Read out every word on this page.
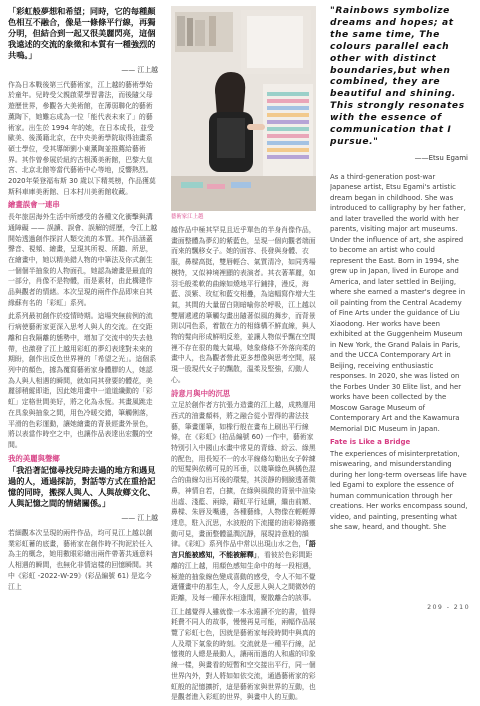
「彩虹般夢想和希望；同時，它的每種顏色相互不融合，像是一條條平行線，再獨分明，但結合到一起又很美麗閃亮，這個我遠述的交流的象徵和本質有一種強烈的共鳴。」

—— 江上越

作為日本戰後第三代藝術家，江上越的藝術學始於童年。兒時受父親啟蒙學習書法，而後隨父母遊歷世界，參觀各大美術館，在薄弱聯化的藝術薰陶下，她難忘成為一位「能代表未來了」的藝術家。出生於 1994 年的她，在日本成長，並受歐美、後漢籍北京，在中央美術學院取得油畫系碩士學位，受其導師劉小東薰陶並推薦給藝術界。其作曾參展於紐約古根漢美術館，巴黎大皇宮、北京北館等當代藝術中心等地，反響熱烈。2020年榮登福布斯 30 歲以下精英榜，作品獲莫斯科車庫美術館、日本村川美術館收藏。

繪畫誤會一連串

長年旅居海外生活中所感受的各種文化衝擊與溝通障礙 —— 誤讀、誤會、誤解的經歷，令江上越開始透過創作探討人類交流的本質。其作品涵蓋聲音、視頻、繪畫，呈現其所視、所聽、所思，在繪畫中，她以精美錯人物的中筆法及你式創生一個個半抽象的人物面孔，她認為繪畫是最直的一部分，肖像不是物體，而是素材，由此構建作品與觀者的情緒。本次呈現的兩件作品即來自其緣蘇有名的「彩虹」系列。

此系列最初創作於疫情時期。這場突無前例的流行病使藝術家更深入思考人與人的交流。在交距離和自我隔離的態勢中，增加了交流中的失去他帶，也激發了江上越用彩虹的夢幻表達對未來的期盼，創作出反色世界裡的「希望之光」。這個系列中的顏色，據為覆寫藝術家身體膠的人，她認為人與人相遇的瞬間，就如同其發要的體花，美麗卻稍縱即逝，因此她用畫中一道道纖動的「彩虹」定格世間美好，將之化為永恆。其畫風跳走在具象與抽象之間，用色冷暖交錯，筆觸俐落，平滑的色彩運動，讓她繪畫的背景經畫外景色，將以表當作時空之中，也讓作品表達出宏觀的空間。

我的美麗與聲鄉

「我沿著記憶尋找兒時去過的地方和遇見過的人，通過採訪，對話等方式在重拾記憶的同時，搬探人與人、人與故鄉文化、人與記憶之間的情緒關係。」

—— 江上越

若細觀本次呈現的兩件作品，均可見江上越以創業彩虹蓄的底畫，藝術家在創作時不拘泥於任入為主的概念，她用數眼彩繪出兩件帶著共通意料人相遇的瞬間，也無化非情這樣的回憶瞬間。其中《彩虹 -2022-W-29》(彩品編號 61) 是迄今江上

藝術家江上越

越作品中極其罕見且近乎單色的半身肖像作品，畫面整體為夢幻的紫藍色，呈現一個向觀者端面而來的飄移女子。她的面容、長發與身體、衣服，鼻樑高挺，雙唇輕合、氣質清冷，如同秀場模特，又似神境裡顯的表演者。其衣著華麗，如羽毛般柔軟的曲線如燒地平行鋪排，漫反，海藍、淡紫、玫紅和藍交相疊，為這幅寫作增大生氣，其間的大量留白則暗喻你於呼吸，江上越以雙層遞遞的筆觸勾畫出隨著似風的舞步，而背景則以同色系，着散在力的相綠構不鮮直線，與人物的髮向形成鮮明反差，並讓人物似乎飄在空間裡不存在很的幾大氣場，她象條條不外落向柔的畫中人，也為觀者營此更多想像與思考空間，展現一股現代女子的飄散，溫柔及堅強，幻動人心。

詩意月與中的沉思

立足於創作者方抗張力造畫的江上越，成熟運用西式的油畫顏料，將之融合從小習得的書法技藝，筆畫運筆，如橡行般在畫布上刷出平行線條，在《彩虹》(拍品編號 60) 一作中，藝術家特別引入中國山水畫中常見的青綠、紛云、綠黑的配色，用長短不一的水平線條勾勒出女子幹練的短髮與依稀可見的耳垂，以幾筆綠色與橘色混合的曲線勾出耳後的環髮，其淡靜的側臉透著微鼻，神情自若，白擴，在綠與風微的背景中渲染出虛、淺藍、兩綠，藉虹平行延續，繼由前額、鼻樑、朱唇及嘴邊，各種藝緣，人物像在輕輕傳達息，駐入沉思，水波般的下流擺的油彩條路靈動可見，畫面整體溫潤沉靜，展現詩意般的韻律。《彩虹》系列作品中常以出現山水之色，「語言只能被感知，不能被解釋」，看彼於色彩間距離的江上越，用顏色感知生命中的每一段相遇，極遊的抽象線色變成喜動的感受，令人不知不覺適懂畫中的那生人，令人反思人與人之間微妙的距離，及每一種萍水相逢間，聚散離合的該事。

江上越覺得人雖就像一本永遠讀不完的書，值得耗費不同人的故事，慢慢再見可能，兩幅作品展覽了彩虹七色，因就是藝術家每段時間中與真的人及環下氣象的時刻。交流就是一種平行線，記憶複的人總是最動人，讓兩而過的人和處的印象線一樣，與畫看的短暫和空交接出平行，同一個世界內外，對人將如如依交流，通過藝術家的彩虹般的記憶擴折，這是藝術家與世界的互動，也是觀者進入彩虹的世界，與畫中人的互動。

"Rainbows symbolize dreams and hopes; at the same time, The colours parallel each other with distinct boundaries,but when combined, they are beautiful and shining. This strongly resonates with the essence of communication that I pursue."

——Etsu Egami

As a third-generation post-war Japanese artist, Etsu Egami's artistic dream began in childhood. She was introduced to calligraphy by her father, and later travelled the world with her parents, visiting major art museums. Under the influence of art, she aspired to become an artist who could represent the East. Born in 1994, she grew up in Japan, lived in Europe and America, and later settled in Beijing, where she earned a master's degree in oil painting from the Central Academy of Fine Arts under the guidance of Liu Xiaodong. Her works have been exhibited at the Guggenheim Museum in New York, the Grand Palais in Paris, and the UCCA Contemporary Art in Beijing, receiving enthusiastic responses. In 2020, she was listed on the Forbes Under 30 Elite list, and her works have been collected by the Moscow Garage Museum of Contemporary Art and the Kawamura Memorial DIC Museum in Japan.

Fate is Like a Bridge

The experiences of misinterpretation, miswearing, and misunderstanding during her long-term overseas life have led Egami to explore the essence of human communication through her creations. Her works encompass sound, video, and painting, presenting what she saw, heard, and thought. She

209 - 210
